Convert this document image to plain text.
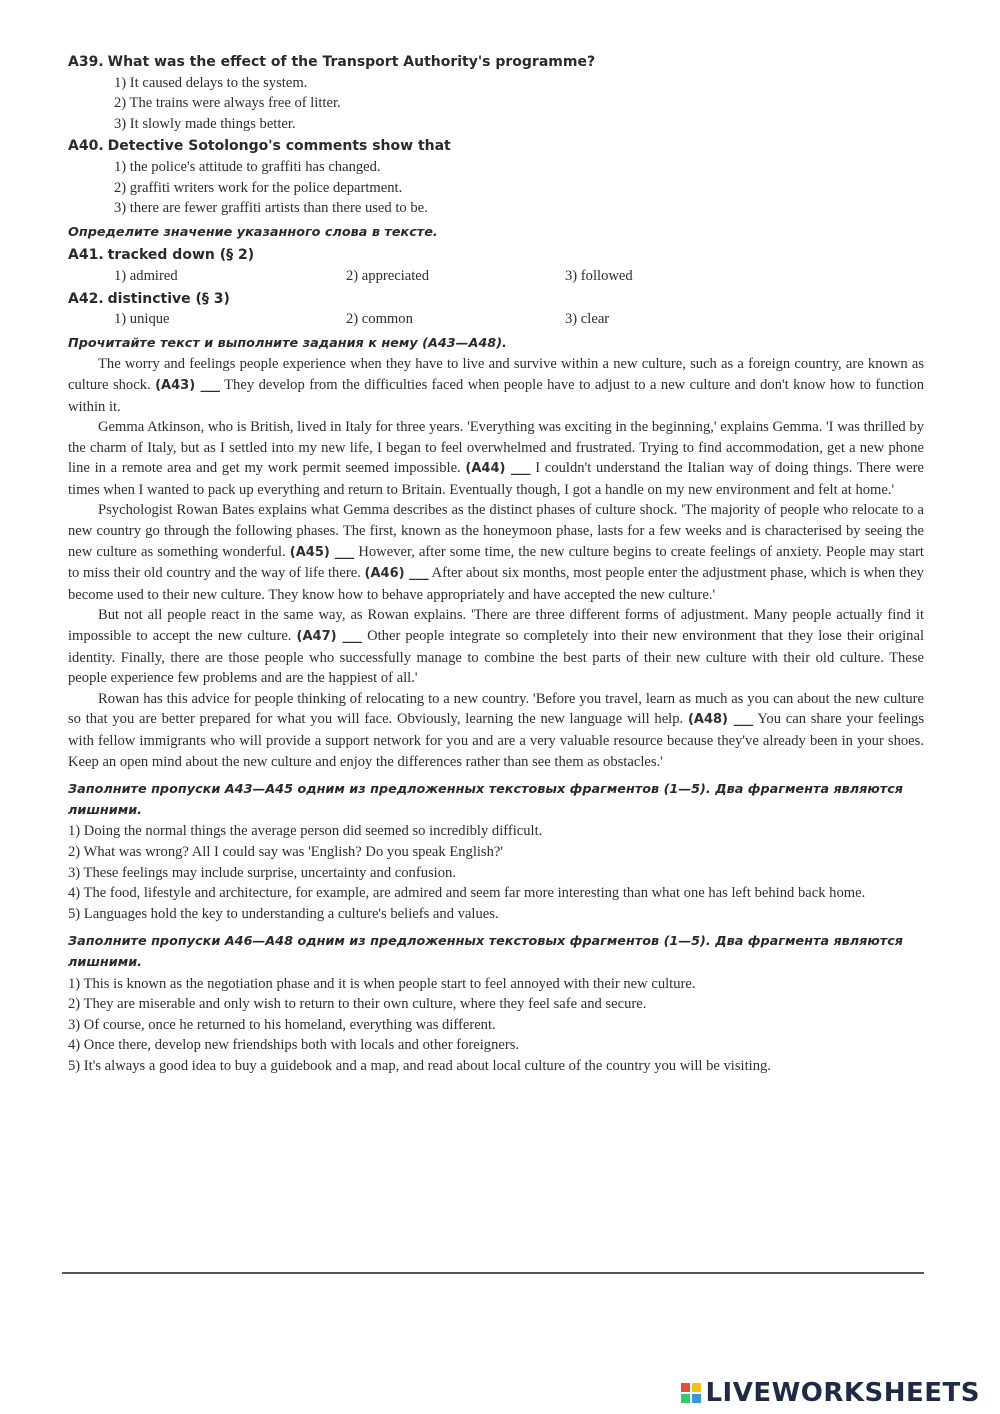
A39. What was the effect of the Transport Authority's programme?
1) It caused delays to the system.
2) The trains were always free of litter.
3) It slowly made things better.
A40. Detective Sotolongo's comments show that
1) the police's attitude to graffiti has changed.
2) graffiti writers work for the police department.
3) there are fewer graffiti artists than there used to be.
Определите значение указанного слова в тексте.
A41. tracked down (§ 2)
1) admired	2) appreciated	3) followed
A42. distinctive (§ 3)
1) unique	2) common	3) clear
Прочитайте текст и выполните задания к нему (A43—A48).

The worry and feelings people experience when they have to live and survive within a new culture, such as a foreign country, are known as culture shock. (A43) ___ They develop from the difficulties faced when people have to adjust to a new culture and don't know how to function within it.

Gemma Atkinson, who is British, lived in Italy for three years. 'Everything was exciting in the beginning,' explains Gemma. 'I was thrilled by the charm of Italy, but as I settled into my new life, I began to feel overwhelmed and frustrated. Trying to find accommodation, get a new phone line in a remote area and get my work permit seemed impossible. (A44) ___ I couldn't understand the Italian way of doing things. There were times when I wanted to pack up everything and return to Britain. Eventually though, I got a handle on my new environment and felt at home.'

Psychologist Rowan Bates explains what Gemma describes as the distinct phases of culture shock. 'The majority of people who relocate to a new country go through the following phases. The first, known as the honeymoon phase, lasts for a few weeks and is characterised by seeing the new culture as something wonderful. (A45) ___ However, after some time, the new culture begins to create feelings of anxiety. People may start to miss their old country and the way of life there. (A46) ___ After about six months, most people enter the adjustment phase, which is when they become used to their new culture. They know how to behave appropriately and have accepted the new culture.'

But not all people react in the same way, as Rowan explains. 'There are three different forms of adjustment. Many people actually find it impossible to accept the new culture. (A47) ___ Other people integrate so completely into their new environment that they lose their original identity. Finally, there are those people who successfully manage to combine the best parts of their new culture with their old culture. These people experience few problems and are the happiest of all.'

Rowan has this advice for people thinking of relocating to a new country. 'Before you travel, learn as much as you can about the new culture so that you are better prepared for what you will face. Obviously, learning the new language will help. (A48) ___ You can share your feelings with fellow immigrants who will provide a support network for you and are a very valuable resource because they've already been in your shoes. Keep an open mind about the new culture and enjoy the differences rather than see them as obstacles.'

Заполните пропуски A43—A45 одним из предложенных текстовых фрагментов (1—5). Два фрагмента являются лишними.
1) Doing the normal things the average person did seemed so incredibly difficult.
2) What was wrong? All I could say was 'English? Do you speak English?'
3) These feelings may include surprise, uncertainty and confusion.
4) The food, lifestyle and architecture, for example, are admired and seem far more interesting than what one has left behind back home.
5) Languages hold the key to understanding a culture's beliefs and values.
Заполните пропуски A46—A48 одним из предложенных текстовых фрагментов (1—5). Два фрагмента являются лишними.
1) This is known as the negotiation phase and it is when people start to feel annoyed with their new culture.
2) They are miserable and only wish to return to their own culture, where they feel safe and secure.
3) Of course, once he returned to his homeland, everything was different.
4) Once there, develop new friendships both with locals and other foreigners.
5) It's always a good idea to buy a guidebook and a map, and read about local culture of the country you will be visiting.
LIVEWORKSHEETS
